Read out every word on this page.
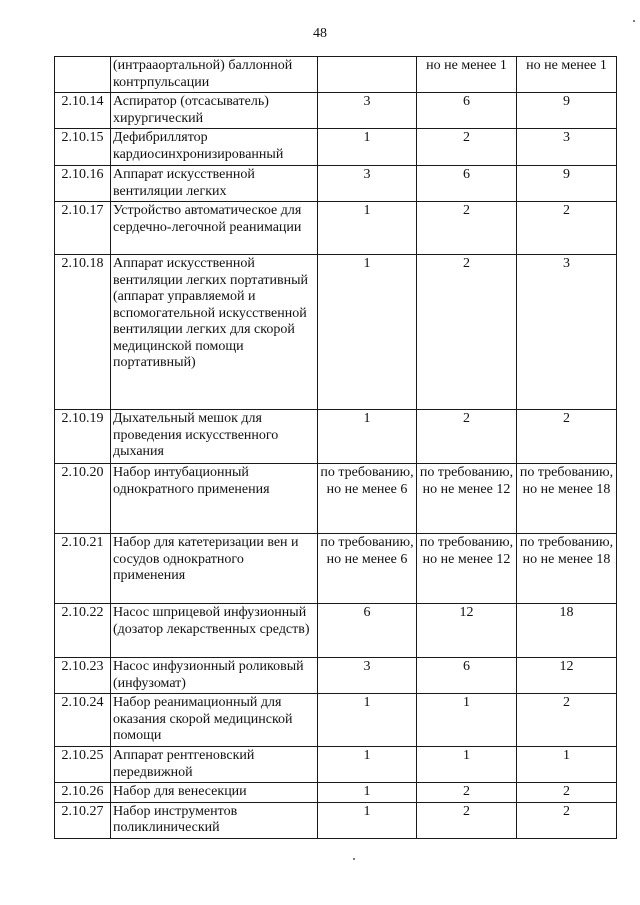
48
	(интрааортальной) баллонной контрпульсации		но не менее 1	но не менее 1
2.10.14	Аспиратор (отсасыватель) хирургический	3	6	9
2.10.15	Дефибриллятор кардиосинхронизированный	1	2	3
2.10.16	Аппарат искусственной вентиляции легких	3	6	9
2.10.17	Устройство автоматическое для сердечно-легочной реанимации	1	2	2
2.10.18	Аппарат искусственной вентиляции легких портативный (аппарат управляемой и вспомогательной искусственной вентиляции легких для скорой медицинской помощи портативный)	1	2	3
2.10.19	Дыхательный мешок для проведения искусственного дыхания	1	2	2
2.10.20	Набор интубационный однократного применения	по требованию, но не менее 6	по требованию, но не менее 12	по требованию, но не менее 18
2.10.21	Набор для катетеризации вен и сосудов однократного применения	по требованию, но не менее 6	по требованию, но не менее 12	по требованию, но не менее 18
2.10.22	Насос шприцевой инфузионный (дозатор лекарственных средств)	6	12	18
2.10.23	Насос инфузионный роликовый (инфузомат)	3	6	12
2.10.24	Набор реанимационный для оказания скорой медицинской помощи	1	1	2
2.10.25	Аппарат рентгеновский передвижной	1	1	1
2.10.26	Набор для венесекции	1	2	2
2.10.27	Набор инструментов поликлинический	1	2	2
